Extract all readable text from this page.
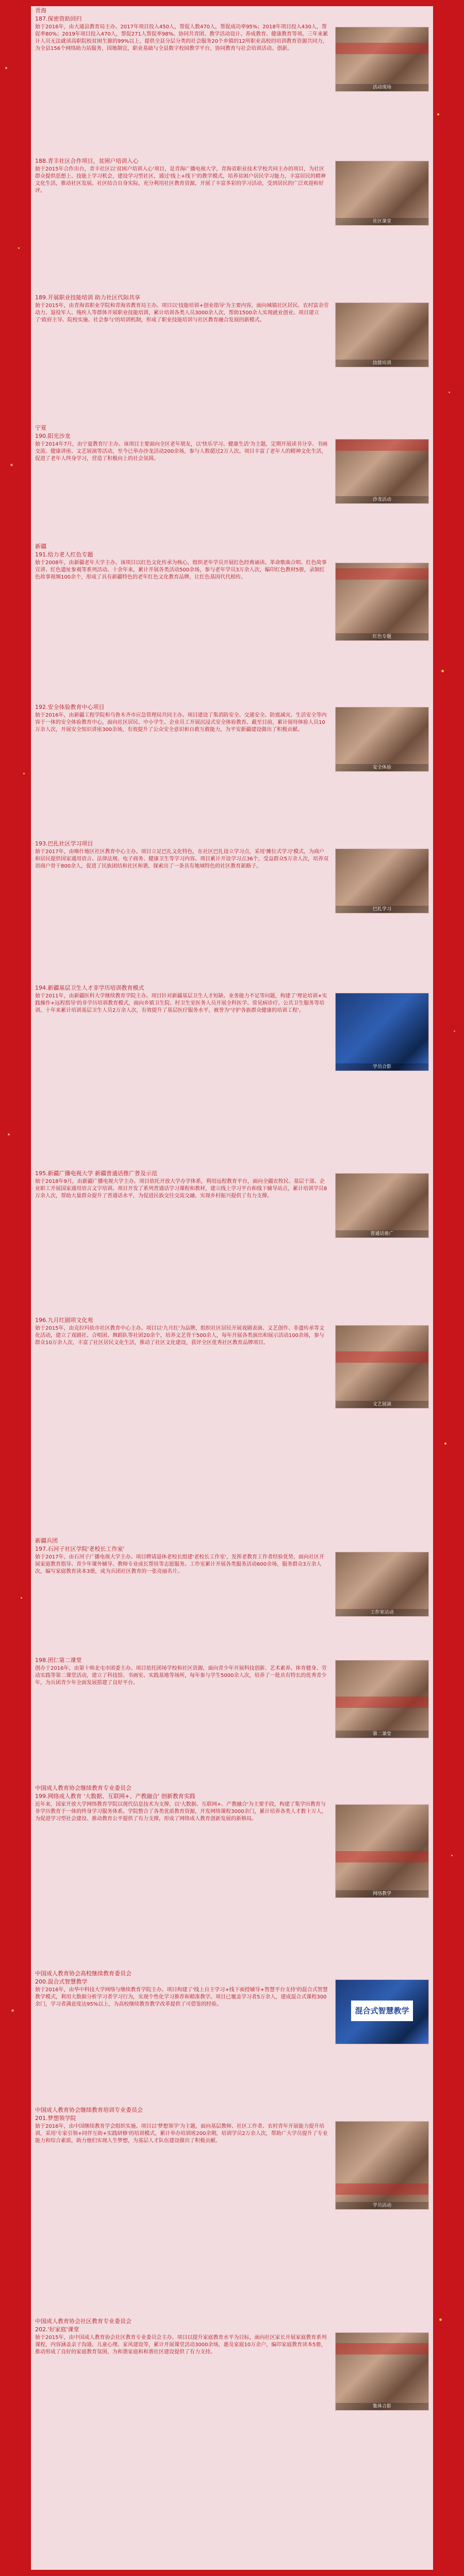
青海
187.保密资助回归
始于2016年，由大通县教育局主办。2017年项目投入450人，帮促人数470人，帮促成功率95%；2018年项目投入430人，帮促率80%；2019年项目投入470人，帮促271人帮促率98%。协同共青团、教学活动设计、养成教育、健康教育等项。三年来累计人员无法就读高职院校贫困生源的99%以上，提供全县分层分类的社会服务20个乡镇的12所职业高校的培训教育资源共同力，为全县156个网络助力站服务，因地制宜，职业基础与全县数字校园教学平台，协同教育与社会培训活动。创新。
活动现场
188.青丰社区合作项目，贫困户培训入心
始于2015年合作出台，青丰社区以'贫困户培训入心'项目，是青海广播电视大学，青海省职业技术学校共同主办的项目，为社区群众提供思想上、技能上学习机会，建设学习型社区，通过'线上+线下'的教学模式，培养贫困户居民学习能力，丰富居民的精神文化生活，推动社区发展。社区结合自身实际，充分利用社区教育资源，开展了丰富多彩的学习活动，受到居民的广泛欢迎和好评。
社区课堂
189.开展职业技能培训 助力社区代际共享
始于2015年，由青海省职业学院和青海省教育局主办。项目以'技能培训+创业指导'为主要内容，面向城镇社区居民、农村富余劳动力、退役军人、残疾人等群体开展职业技能培训，累计培训各类人员3000余人次，帮助1500余人实现就业创业。项目建立了'政府主导、院校实施、社会参与'的培训机制，形成了职业技能培训与社区教育融合发展的新模式。
技能培训
宁夏
190.阳光沙龙
始于2014年7月，由宁夏教育厅主办。该项目主要面向全区老年朋友，以'快乐学习、健康生活'为主题，定期开展读书分享、书画交流、健康讲座、文艺展演等活动，至今已举办沙龙活动200余场，参与人数超过2万人次。项目丰富了老年人的精神文化生活，促进了老年人终身学习，营造了积极向上的社会氛围。
沙龙活动
新疆
191.给力老人红色专题
始于2008年，由新疆老年大学主办。该项目以红色文化传承为核心，组织老年学员开展红色经典诵读、革命歌曲合唱、红色故事宣讲、红色遗址参观等系列活动。十余年来，累计开展各类活动500余场，参与老年学员3万余人次，编印红色教材5册，录制红色故事视频100余个，形成了具有新疆特色的老年红色文化教育品牌，让红色基因代代相传。
红色专题
192.安全体验教育中心项目
始于2016年，由新疆工程学院和乌鲁木齐市应急管理局共同主办。项目建设了集消防安全、交通安全、防震减灾、生活安全等内容于一体的安全体验教育中心，面向社区居民、中小学生、企业员工开展沉浸式安全体验教育。截至目前，累计接待体验人员10万余人次，开展安全知识讲座300余场，有效提升了公众安全意识和自救互救能力，为平安新疆建设做出了积极贡献。
安全体验
193.巴扎社区学习项目
始于2017年，由喀什地区社区教育中心主办。项目立足巴扎文化特色，在社区巴扎设立学习点，采用'摊位式学习'模式，为商户和居民提供国家通用语言、法律法规、电子商务、健康卫生等学习内容。项目累计开设学习点36个，受益群众5万余人次，培养双语商户骨干800余人，促进了民族团结和社区和谐，探索出了一条具有地域特色的社区教育新路子。
巴扎学习
194.新疆基层卫生人才非学历培训教育模式
始于2011年，由新疆医科大学继续教育学院主办。项目针对新疆基层卫生人才短缺、业务能力不足等问题，构建了'理论培训+实践操作+远程指导'的非学历培训教育模式，面向乡镇卫生院、村卫生室医务人员开展全科医学、常见病诊疗、公共卫生服务等培训。十年来累计培训基层卫生人员2万余人次，有效提升了基层医疗服务水平，被誉为'守护各族群众健康的培训工程'。
学员合影
195.新疆广播电视大学 新疆普通话推广普及示范
始于2018年9月，由新疆广播电视大学主办。项目依托开放大学办学体系，利用远程教育平台，面向全疆农牧民、基层干部、企业职工开展国家通用语言文字培训。项目开发了系列普通话学习课程和教材，建立线上学习平台和线下辅导站点，累计培训学员8万余人次，帮助大量群众提升了普通话水平，为促进民族交往交流交融、实现乡村振兴提供了有力支撑。
普通话推广
196.九月红剧项文化苑
始于2015年，由克拉玛依市社区教育中心主办。项目以'九月红'为品牌，组织社区居民开展戏剧表演、文艺创作、非遗传承等文化活动，建立了戏剧社、合唱团、舞蹈队等社团20余个，培养文艺骨干500余人，每年开展各类演出和展示活动100余场，参与群众10万余人次，丰富了社区居民文化生活，推动了社区文化建设，获评全区优秀社区教育品牌项目。
文艺展演
新疆兵团
197.石河子社区学院'老校长工作室'
始于2017年，由石河子广播电视大学主办。项目聘请退休老校长组建'老校长工作室'，发挥老教育工作者经验优势，面向社区开展家庭教育指导、青少年课外辅导、教师专业成长帮扶等志愿服务。工作室累计开展各类服务活动600余场，服务群众3万余人次，编写家庭教育读本3册，成为兵团社区教育的一张亮丽名片。
工作室活动
198.团仁第二课堂
创办于2016年，由第十师北屯市团委主办。项目依托团场学校和社区资源，面向青少年开展科技创新、艺术素养、体育健身、劳动实践等第二课堂活动，建立了科技馆、书画室、实践基地等场所，每年参与学生5000余人次，培养了一批具有特长的优秀青少年，为兵团青少年全面发展搭建了良好平台。
第二课堂
中国成人教育协会继续教育专业委员会
199.网络成人教育 '大数据、互联网+、产教融合' 创新教育实践
近年来，国家开放大学网络教育学院以现代信息技术为支撑，以'大数据、互联网+、产教融合'为主要手段，构建了集学历教育与非学历教育于一体的终身学习服务体系。学院整合了各类优质教育资源，开发网络课程3000余门，累计培养各类人才数十万人，为促进学习型社会建设、推动教育公平提供了有力支撑，形成了网络成人教育创新发展的新格局。
网络教学
中国成人教育协会高校继续教育委员会
200.混合式智慧教学
始于2016年，由华中科技大学网络与继续教育学院主办。项目构建了'线上自主学习+线下面授辅导+智慧平台支持'的混合式智慧教学模式，利用大数据分析学习者学习行为，实现个性化学习推荐和精准教学。项目已覆盖学习者5万余人，建成混合式课程300余门，学习者满意度达95%以上，为高校继续教育教学改革提供了可借鉴的经验。
混合式智慧教学
中国成人教育协会继续教育培训专业委员会
201.梦想领学院
始于2016年，由中国继续教育学会组织实施。项目以'梦想领学'为主题，面向基层教师、社区工作者、农村青年开展能力提升培训，采用'专家引领+同伴互助+实践研修'的培训模式，累计举办培训班200余期，培训学员2万余人次，帮助广大学员提升了专业能力和综合素质，助力他们实现人生梦想，为基层人才队伍建设做出了积极贡献。
学员活动
中国成人教育协会社区教育专业委员会
202.'好家庭'课堂
始于2015年，由中国成人教育协会社区教育专业委员会主办。项目以提升家庭教育水平为目标，面向社区家长开展家庭教育系列课程，内容涵盖亲子沟通、儿童心理、家风建设等，累计开展课堂活动3000余场，惠及家庭10万余户，编印家庭教育读本5册，推动形成了良好的家庭教育氛围，为和谐家庭和和谐社区建设提供了有力支持。
集体合影
